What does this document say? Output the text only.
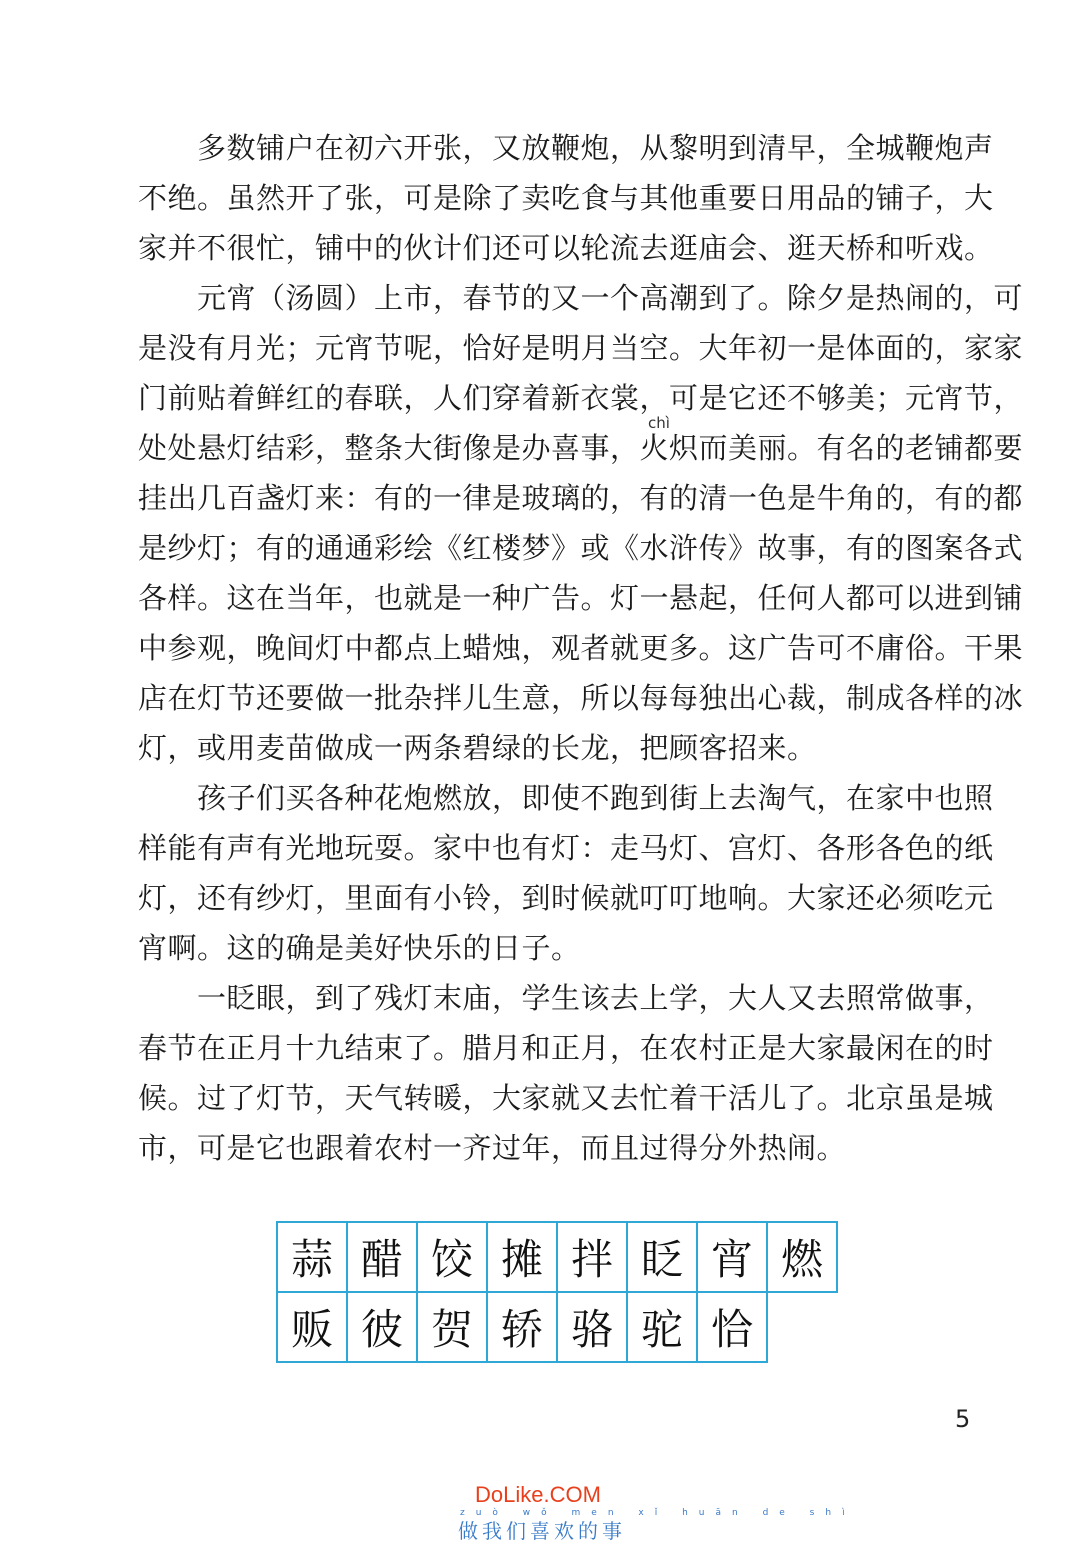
　　多数铺户在初六开张，又放鞭炮，从黎明到清早，全城鞭炮声
不绝。虽然开了张，可是除了卖吃食与其他重要日用品的铺子，大
家并不很忙，铺中的伙计们还可以轮流去逛庙会、逛天桥和听戏。
　　元宵（汤圆）上市，春节的又一个高潮到了。除夕是热闹的，可
是没有月光；元宵节呢，恰好是明月当空。大年初一是体面的，家家
门前贴着鲜红的春联，人们穿着新衣裳，可是它还不够美；元宵节，
chì
处处悬灯结彩，整条大街像是办喜事，火炽而美丽。有名的老铺都要
挂出几百盏灯来：有的一律是玻璃的，有的清一色是牛角的，有的都
是纱灯；有的通通彩绘《红楼梦》或《水浒传》故事，有的图案各式
各样。这在当年，也就是一种广告。灯一悬起，任何人都可以进到铺
中参观，晚间灯中都点上蜡烛，观者就更多。这广告可不庸俗。干果
店在灯节还要做一批杂拌儿生意，所以每每独出心裁，制成各样的冰
灯，或用麦苗做成一两条碧绿的长龙，把顾客招来。
　　孩子们买各种花炮燃放，即使不跑到街上去淘气，在家中也照
样能有声有光地玩耍。家中也有灯：走马灯、宫灯、各形各色的纸
灯，还有纱灯，里面有小铃，到时候就叮叮地响。大家还必须吃元
宵啊。这的确是美好快乐的日子。
　　一眨眼，到了残灯末庙，学生该去上学，大人又去照常做事，
春节在正月十九结束了。腊月和正月，在农村正是大家最闲在的时
候。过了灯节，天气转暖，大家就又去忙着干活儿了。北京虽是城
市，可是它也跟着农村一齐过年，而且过得分外热闹。
蒜	醋	饺	摊	拌	眨	宵	燃
贩	彼	贺	轿	骆	驼	恰	
5
DoLike.COM
zuò wǒ men xǐ huān de shì
做我们喜欢的事
